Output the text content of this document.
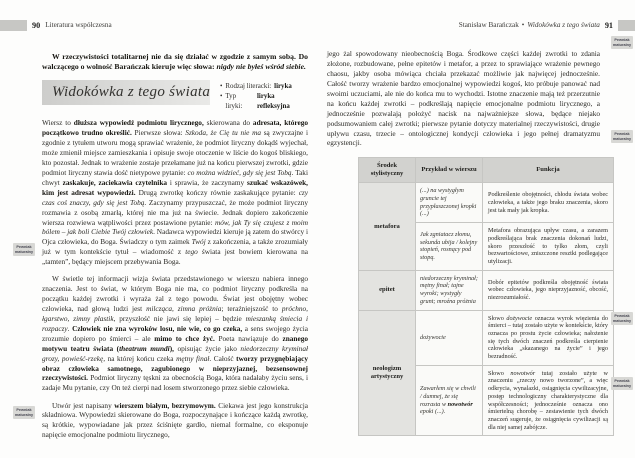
90 Literatura współczesna	Stanisław Barańczak • Widokówka z tego świata 91

W rzeczywistości totalitarnej nie da się działać w zgodzie z samym sobą. Do walczącego o wolność Barańczak kieruje więc słowa: nigdy nie byłeś wśród siebie.

Widokówka z tego świata • Rodzaj literacki: liryka
• Typ liryki:
liryka refleksyjna

Wiersz to dłuższa wypowiedź podmiotu lirycznego, skierowana do adresata, którego początkowo trudno określić. Pierwsze słowa: Szkoda, że Cię tu nie ma są zwyczajne i zgodnie z tytułem utworu mogą sprawiać wrażenie, że podmiot liryczny dokądś wyjechał, może zmienił miejsce zamieszkania i opisuje swoje otoczenie w liście do kogoś bliskiego, kto pozostał. Jednak to wrażenie zostaje przełamane już na końcu pierwszej zwrotki, gdzie podmiot liryczny stawia dość nietypowe pytanie: co można widzieć, gdy się jest Tobą. Taki chwyt zaskakuje, zaciekawia czytelnika i sprawia, że zaczynamy szukać wskazówek, kim jest adresat wypowiedzi. Drugą zwrotkę kończy równie zaskakujące pytanie: czy czas coś znaczy, gdy się jest Tobą. Zaczynamy przypuszczać, że może podmiot liryczny rozmawia z osobą zmarłą, której nie ma już na świecie. Jednak dopiero zakończenie wiersza rozwiewa wątpliwości przez postawione pytanie: mów, jak Ty się czujesz z moim bólem – jak boli Ciebie Twój człowiek. Nadawca wypowiedzi kieruje ją zatem do stwórcy i Ojca człowieka, do Boga. Świadczy o tym zaimek Twój z zakończenia, a także zrozumiały już w tym kontekście tytuł – wiadomość z tego świata jest bowiem kierowana na „tamten”, będący miejscem przebywania Boga.

W świetle tej informacji wizja świata przedstawionego w wierszu nabiera innego znaczenia. Jest to świat, w którym Boga nie ma, co podmiot liryczny podkreśla na początku każdej zwrotki i wyraża żal z tego powodu. Świat jest obojętny wobec człowieka, nad głową ludzi jest milcząca, zimna próżnia; teraźniejszość to próchno, łgarstwo, zimny plastik, przyszłość nie jawi się lepiej – będzie mieszanką śmiecia i rozpaczy. Człowiek nie zna wyroków losu, nie wie, co go czeka, a sens swojego życia zrozumie dopiero po śmierci – ale mimo to chce żyć. Poeta nawiązuje do znanego motywu teatru świata (theatrum mundi), opisując życie jako niedorzeczny kryminał grozy, powieść-rzekę, na której końcu czeka mętny finał. Całość tworzy przygnębiający obraz człowieka samotnego, zagubionego w nieprzyjaznej, bezsensownej rzeczywistości. Podmiot liryczny tęskni za obecnością Boga, która nadałaby życiu sens, i zadaje Mu pytanie, czy On też cierpi nad losem stworzonego przez siebie człowieka.

Utwór jest napisany wierszem białym, bezrymowym. Ciekawa jest jego konstrukcja składniowa. Wypowiedzi skierowane do Boga, rozpoczynające i kończące każdą zwrotkę, są krótkie, wypowiadane jak przez ściśnięte gardło, niemal formalne, co eksponuje napięcie emocjonalne podmiotu lirycznego,

jego żal spowodowany nieobecnością Boga. Środkowe części każdej zwrotki to zdania złożone, rozbudowane, pełne epitetów i metafor, a przez to sprawiające wrażenie pewnego chaosu, jakby osoba mówiąca chciała przekazać możliwie jak najwięcej jednocześnie. Całość tworzy wrażenie bardzo emocjonalnej wypowiedzi kogoś, kto próbuje panować nad swoimi uczuciami, ale nie do końca mu to wychodzi. Istotne znaczenie mają też przerzutnie na końcu każdej zwrotki – podkreślają napięcie emocjonalne podmiotu lirycznego, a jednocześnie pozwalają położyć nacisk na najważniejsze słowa, będące niejako podsumowaniem całej zwrotki; pierwsze pytanie dotyczy materialnej rzeczywistości, drugie upływu czasu, trzecie – ontologicznej kondycji człowieka i jego pełnej dramatyzmu egzystencji.

Środek stylistyczny	Przykład w wierszu	Funkcja
metafora	(...) na wystygłym gruncie tej przypłaszczonej kropki (...)	Podkreślenie obojętności, chłodu świata wobec człowieka, a także jego braku znaczenia, skoro jest tak mały jak kropka.
	Jak zgniatacz złomu, sekunda ubija / kolejny stopień, rosnący pod stopą.	Metafora obrazująca upływ czasu, a zarazem podkreślająca brak znaczenia dokonań ludzi, skoro przeszłość to tylko złom, czyli bezwartościowe, zniszczone resztki podlegające utylizacji.
epitet	niedorzeczny kryminał; mętny finał; tajne wyroki; wystygły grunt; mroźna próżnia	Dobór epitetów podkreśla obojętność świata wobec człowieka, jego nieprzyjazność, obcość, niezrozumiałość.
neologizm artystyczny	dożywocie	Słowo dożywocie oznacza wyrok więzienia do śmierci – tutaj zostało użyte w kontekście, który oznacza po prostu życie człowieka; nałożenie się tych dwóch znaczeń podkreśla cierpienie człowieka „skazanego na życie” i jego bezradność.
	Zawarłem się w chwili / dumnej, że się rozrasta w nowotwór epoki (...).	Słowo nowotwór tutaj zostało użyte w znaczeniu „rzeczy nowo tworzone”, a więc odkrycia, wynalazki, osiągnięcia cywilizacyjne, postęp technologiczny charakterystyczne dla współczesności; jednocześnie oznacza ono śmiertelną chorobę – zestawienie tych dwóch znaczeń sugeruje, że osiągnięcia cywilizacji są dla niej samej zabójcze.
Pewniak
maturalny
Pewniak
maturalny
Pewniak
maturalny
Pewniak
maturalny
Pewniak
maturalny
Pewniak
maturalny
